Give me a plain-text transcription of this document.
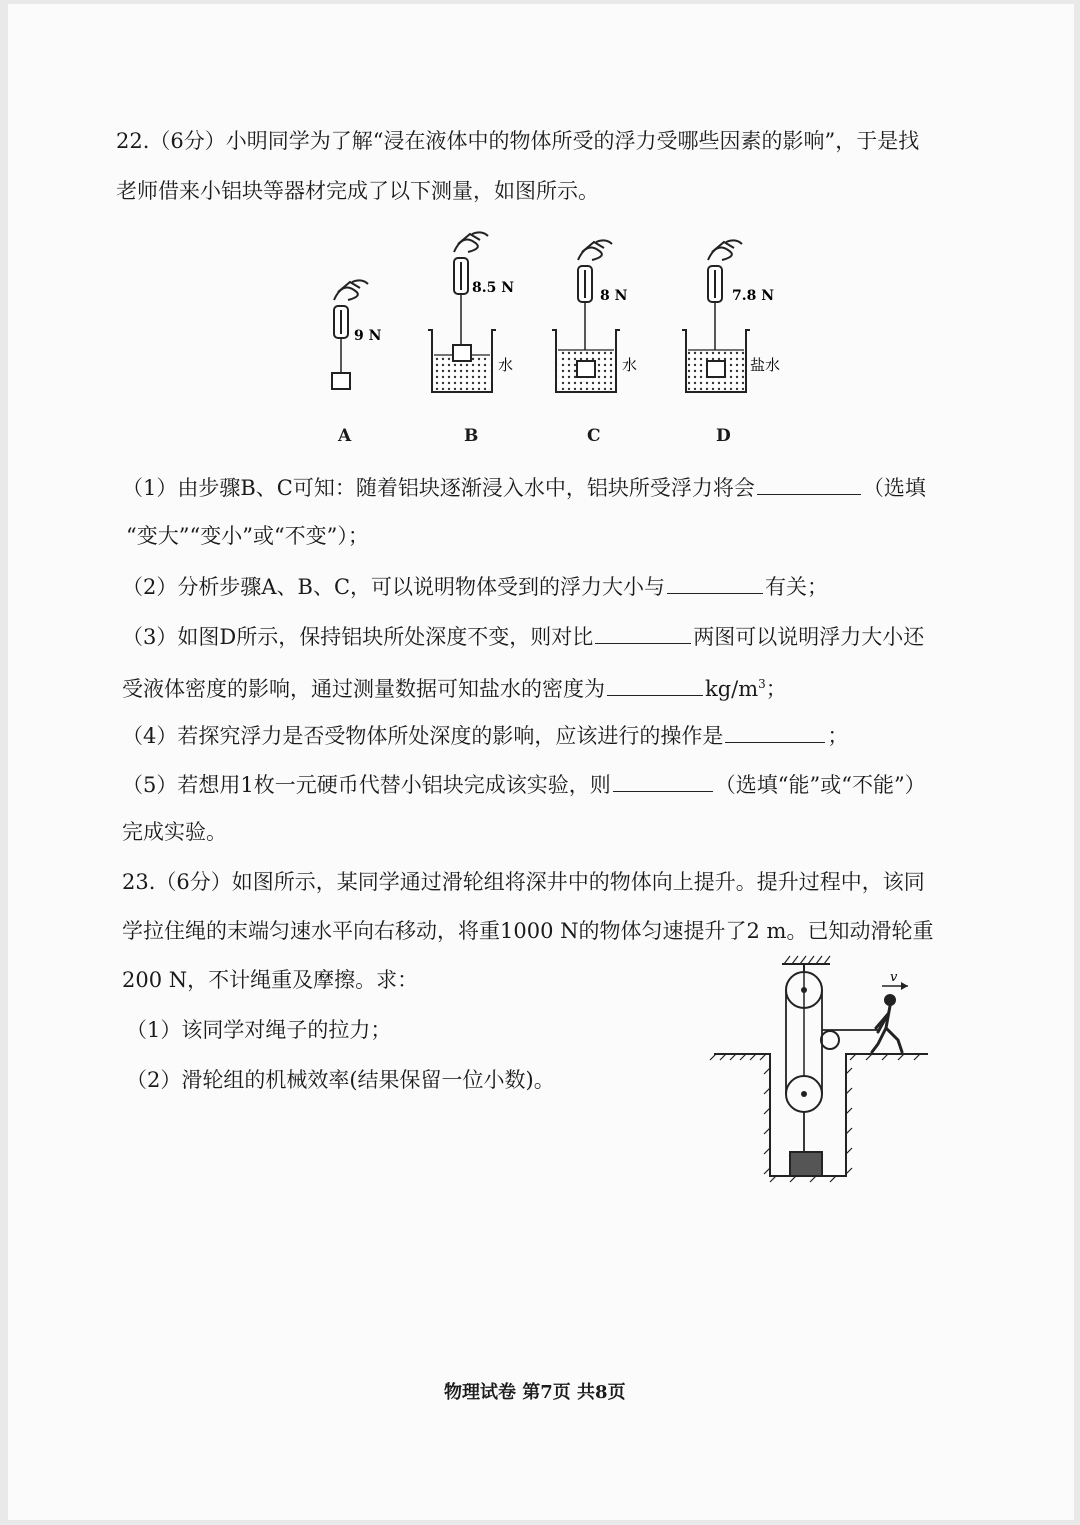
22.（6分）小明同学为了解“浸在液体中的物体所受的浮力受哪些因素的影响”，于是找
老师借来小铝块等器材完成了以下测量，如图所示。
9 N
8.5 N
水
8 N
水
7.8 N
盐水
A	B	C	D
（1）由步骤B、C可知：随着铝块逐渐浸入水中，铝块所受浮力将会	（选填
“变大”“变小”或“不变”）；
（2）分析步骤A、B、C，可以说明物体受到的浮力大小与	有关；
（3）如图D所示，保持铝块所处深度不变，则对比	两图可以说明浮力大小还
受液体密度的影响，通过测量数据可知盐水的密度为	$kg/m^3$；
（4）若探究浮力是否受物体所处深度的影响，应该进行的操作是	；
（5）若想用1枚一元硬币代替小铝块完成该实验，则	（选填“能”或“不能”）
完成实验。
23.（6分）如图所示，某同学通过滑轮组将深井中的物体向上提升。提升过程中，该同
学拉住绳的末端匀速水平向右移动，将重1000 N的物体匀速提升了2 m。已知动滑轮重
200 N，不计绳重及摩擦。求：
（1）该同学对绳子的拉力；
（2）滑轮组的机械效率(结果保留一位小数)。
v
物理试卷 第7页 共8页
